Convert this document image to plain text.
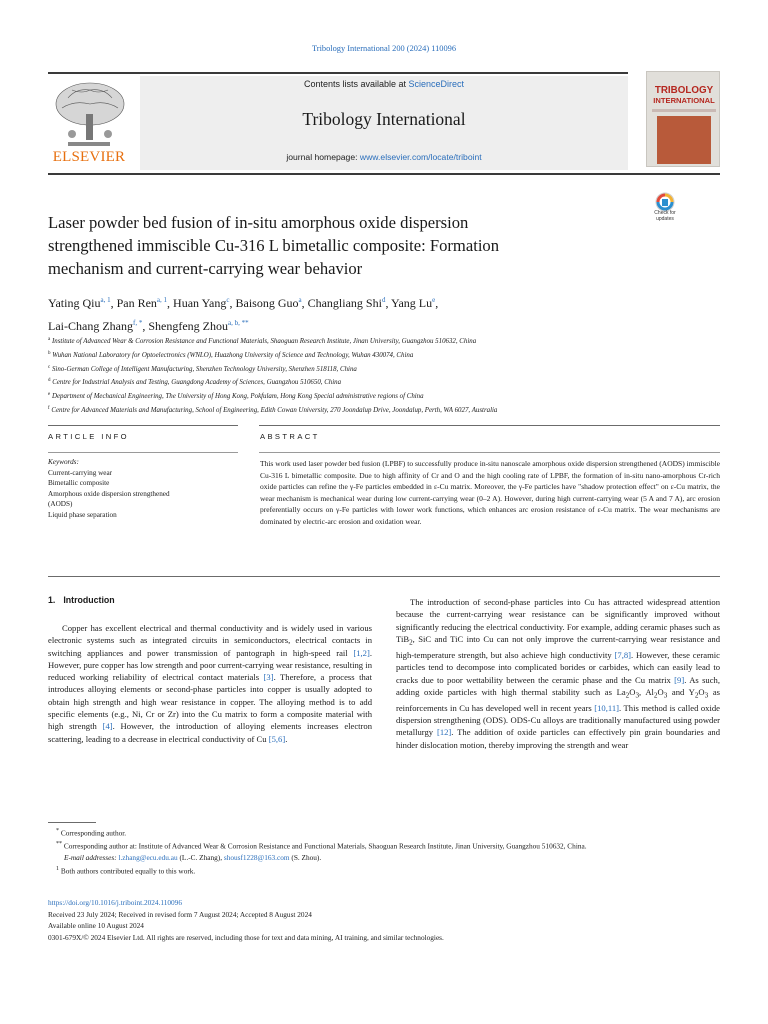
Tribology International 200 (2024) 110096
ELSEVIER
Contents lists available at ScienceDirect
Tribology International
journal homepage: www.elsevier.com/locate/triboint
TRIBOLOGY
INTERNATIONAL
Laser powder bed fusion of in-situ amorphous oxide dispersion
strengthened immiscible Cu-316 L bimetallic composite: Formation
mechanism and current-carrying wear behavior
Check for
updates
Yating Qiu$^{a, 1}$, Pan Ren$^{a, 1}$, Huan Yang$^c$, Baisong Guo$^a$, Changliang Shi$^d$, Yang Lu$^e$,
Lai-Chang Zhang$^{f, *}$, Shengfeng Zhou$^{a, b, **}$
$^a$ Institute of Advanced Wear & Corrosion Resistance and Functional Materials, Shaoguan Research Institute, Jinan University, Guangzhou 510632, China
$^b$ Wuhan National Laboratory for Optoelectronics (WNLO), Huazhong University of Science and Technology, Wuhan 430074, China
$^c$ Sino-German College of Intelligent Manufacturing, Shenzhen Technology University, Shenzhen 518118, China
$^d$ Centre for Industrial Analysis and Testing, Guangdong Academy of Sciences, Guangzhou 510650, China
$^e$ Department of Mechanical Engineering, The University of Hong Kong, Pokfulam, Hong Kong Special administrative regions of China
$^f$ Centre for Advanced Materials and Manufacturing, School of Engineering, Edith Cowan University, 270 Joondalup Drive, Joondalup, Perth, WA 6027, Australia
ARTICLE INFO	ABSTRACT
Keywords:
Current-carrying wear
Bimetallic composite
Amorphous oxide dispersion strengthened
(AODS)
Liquid phase separation
This work used laser powder bed fusion (LPBF) to successfully produce in-situ nanoscale amorphous oxide dispersion strengthened (AODS) immiscible Cu-316 L bimetallic composite. Due to high affinity of Cr and O and the high cooling rate of LPBF, the formation of in-situ nano-amorphous Cr-rich oxide particles can refine the γ-Fe particles embedded in ε-Cu matrix. Moreover, the γ-Fe particles have "shadow protection effect" on ε-Cu matrix, the wear mechanism is mechanical wear during low current-carrying wear (0–2 A). However, during high current-carrying wear (5 A and 7 A), arc erosion preferentially occurs on γ-Fe particles with lower work functions, which enhances arc erosion resistance of ε-Cu matrix. The wear mechanisms are dominated by electric-arc erosion and oxidation wear.
1. Introduction

Copper has excellent electrical and thermal conductivity and is widely used in various electronic systems such as integrated circuits in semiconductors, electrical contacts in switching appliances and power transmission of pantograph in high-speed rail [1,2]. However, pure copper has low strength and poor current-carrying wear resistance, resulting in reduced working reliability of electrical contact materials [3]. Therefore, a process that introduces alloying elements or second-phase particles into copper is usually adopted to obtain high strength and high wear resistance in copper. The alloying method is to add specific elements (e.g., Ni, Cr or Zr) into the Cu matrix to form a composite material with high strength [4]. However, the introduction of alloying elements increases electron scattering, leading to a decrease in electrical conductivity of Cu [5,6].

The introduction of second-phase particles into Cu has attracted widespread attention because the current-carrying wear resistance can be significantly improved without significantly reducing the electrical conductivity. For example, adding ceramic phases such as TiB$_2$, SiC and TiC into Cu can not only improve the current-carrying wear resistance and high-temperature strength, but also achieve high conductivity [7,8]. However, these ceramic particles tend to decompose into complicated borides or carbides, which can easily lead to cracks due to poor wettability between the ceramic phase and the Cu matrix [9]. As such, adding oxide particles with high thermal stability such as $La_2O_3$, $Al_2O_3$ and $Y_2O_3$ as reinforcements in Cu has developed well in recent years [10,11]. This method is called oxide dispersion strengthening (ODS). ODS-Cu alloys are traditionally manufactured using powder metallurgy [12]. The addition of oxide particles can effectively pin grain boundaries and hinder dislocation motion, thereby improving the strength and wear

* Corresponding author.
** Corresponding author at: Institute of Advanced Wear & Corrosion Resistance and Functional Materials, Shaoguan Research Institute, Jinan University, Guangzhou 510632, China.
E-mail addresses: l.zhang@ecu.edu.au (L.-C. Zhang), shousf1228@163.com (S. Zhou).
$^1$ Both authors contributed equally to this work.
https://doi.org/10.1016/j.triboint.2024.110096
Received 23 July 2024; Received in revised form 7 August 2024; Accepted 8 August 2024
Available online 10 August 2024
0301-679X/© 2024 Elsevier Ltd. All rights are reserved, including those for text and data mining, AI training, and similar technologies.
